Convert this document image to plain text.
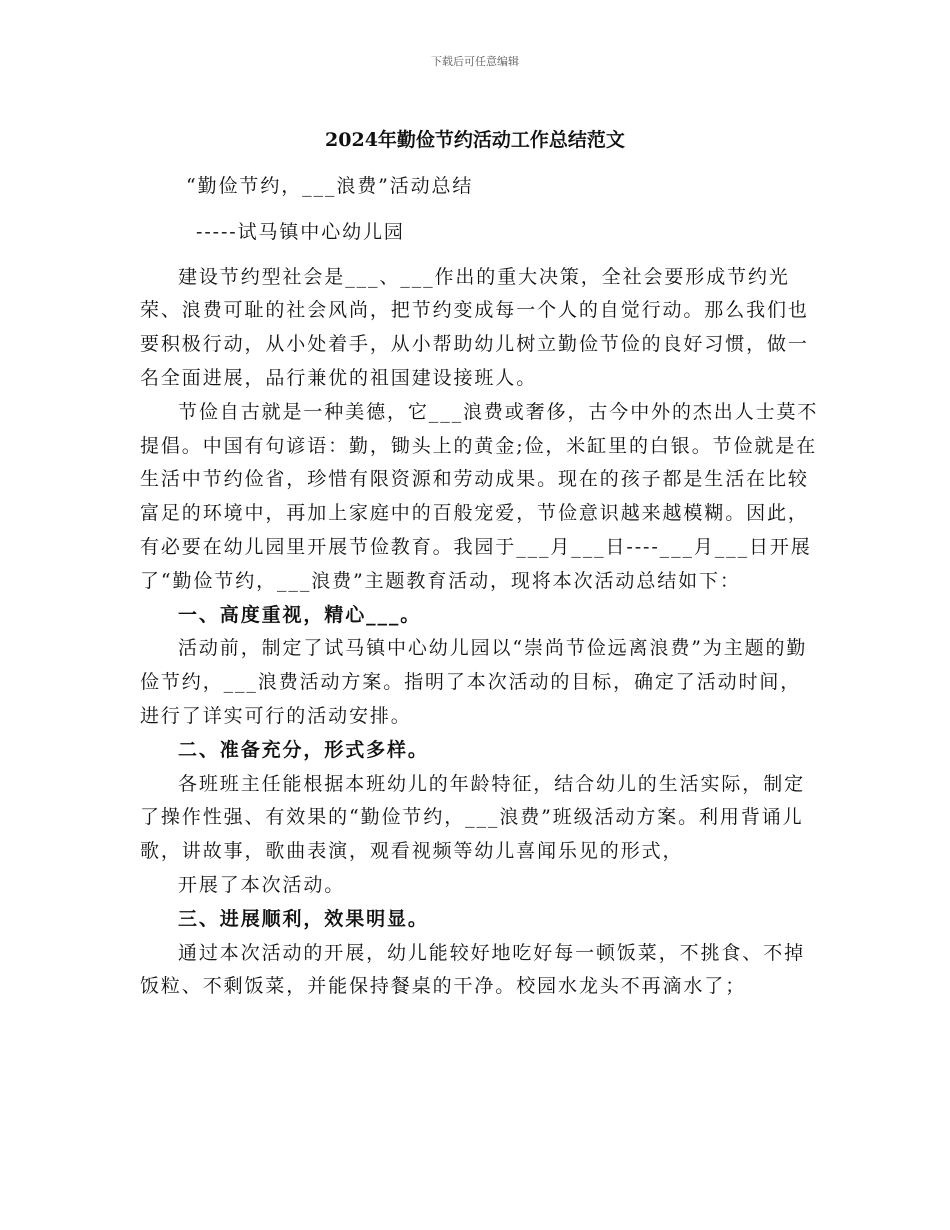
下载后可任意编辑
2024年勤俭节约活动工作总结范文

“勤俭节约，___浪费”活动总结

-----试马镇中心幼儿园

建设节约型社会是___、___作出的重大决策，全社会要形成节约光荣、浪费可耻的社会风尚，把节约变成每一个人的自觉行动。那么我们也要积极行动，从小处着手，从小帮助幼儿树立勤俭节俭的良好习惯，做一名全面进展，品行兼优的祖国建设接班人。

节俭自古就是一种美德，它___浪费或奢侈，古今中外的杰出人士莫不提倡。中国有句谚语：勤，锄头上的黄金;俭，米缸里的白银。节俭就是在生活中节约俭省，珍惜有限资源和劳动成果。现在的孩子都是生活在比较富足的环境中，再加上家庭中的百般宠爱，节俭意识越来越模糊。因此，有必要在幼儿园里开展节俭教育。我园于___月___日----___月___日开展了“勤俭节约，___浪费”主题教育活动，现将本次活动总结如下：

一、高度重视，精心___。

活动前，制定了试马镇中心幼儿园以“崇尚节俭远离浪费”为主题的勤俭节约，___浪费活动方案。指明了本次活动的目标，确定了活动时间，进行了详实可行的活动安排。

二、准备充分，形式多样。

各班班主任能根据本班幼儿的年龄特征，结合幼儿的生活实际，制定了操作性强、有效果的“勤俭节约，___浪费”班级活动方案。利用背诵儿歌，讲故事，歌曲表演，观看视频等幼儿喜闻乐见的形式，

开展了本次活动。

三、进展顺利，效果明显。

通过本次活动的开展，幼儿能较好地吃好每一顿饭菜，不挑食、不掉饭粒、不剩饭菜，并能保持餐桌的干净。校园水龙头不再滴水了；
